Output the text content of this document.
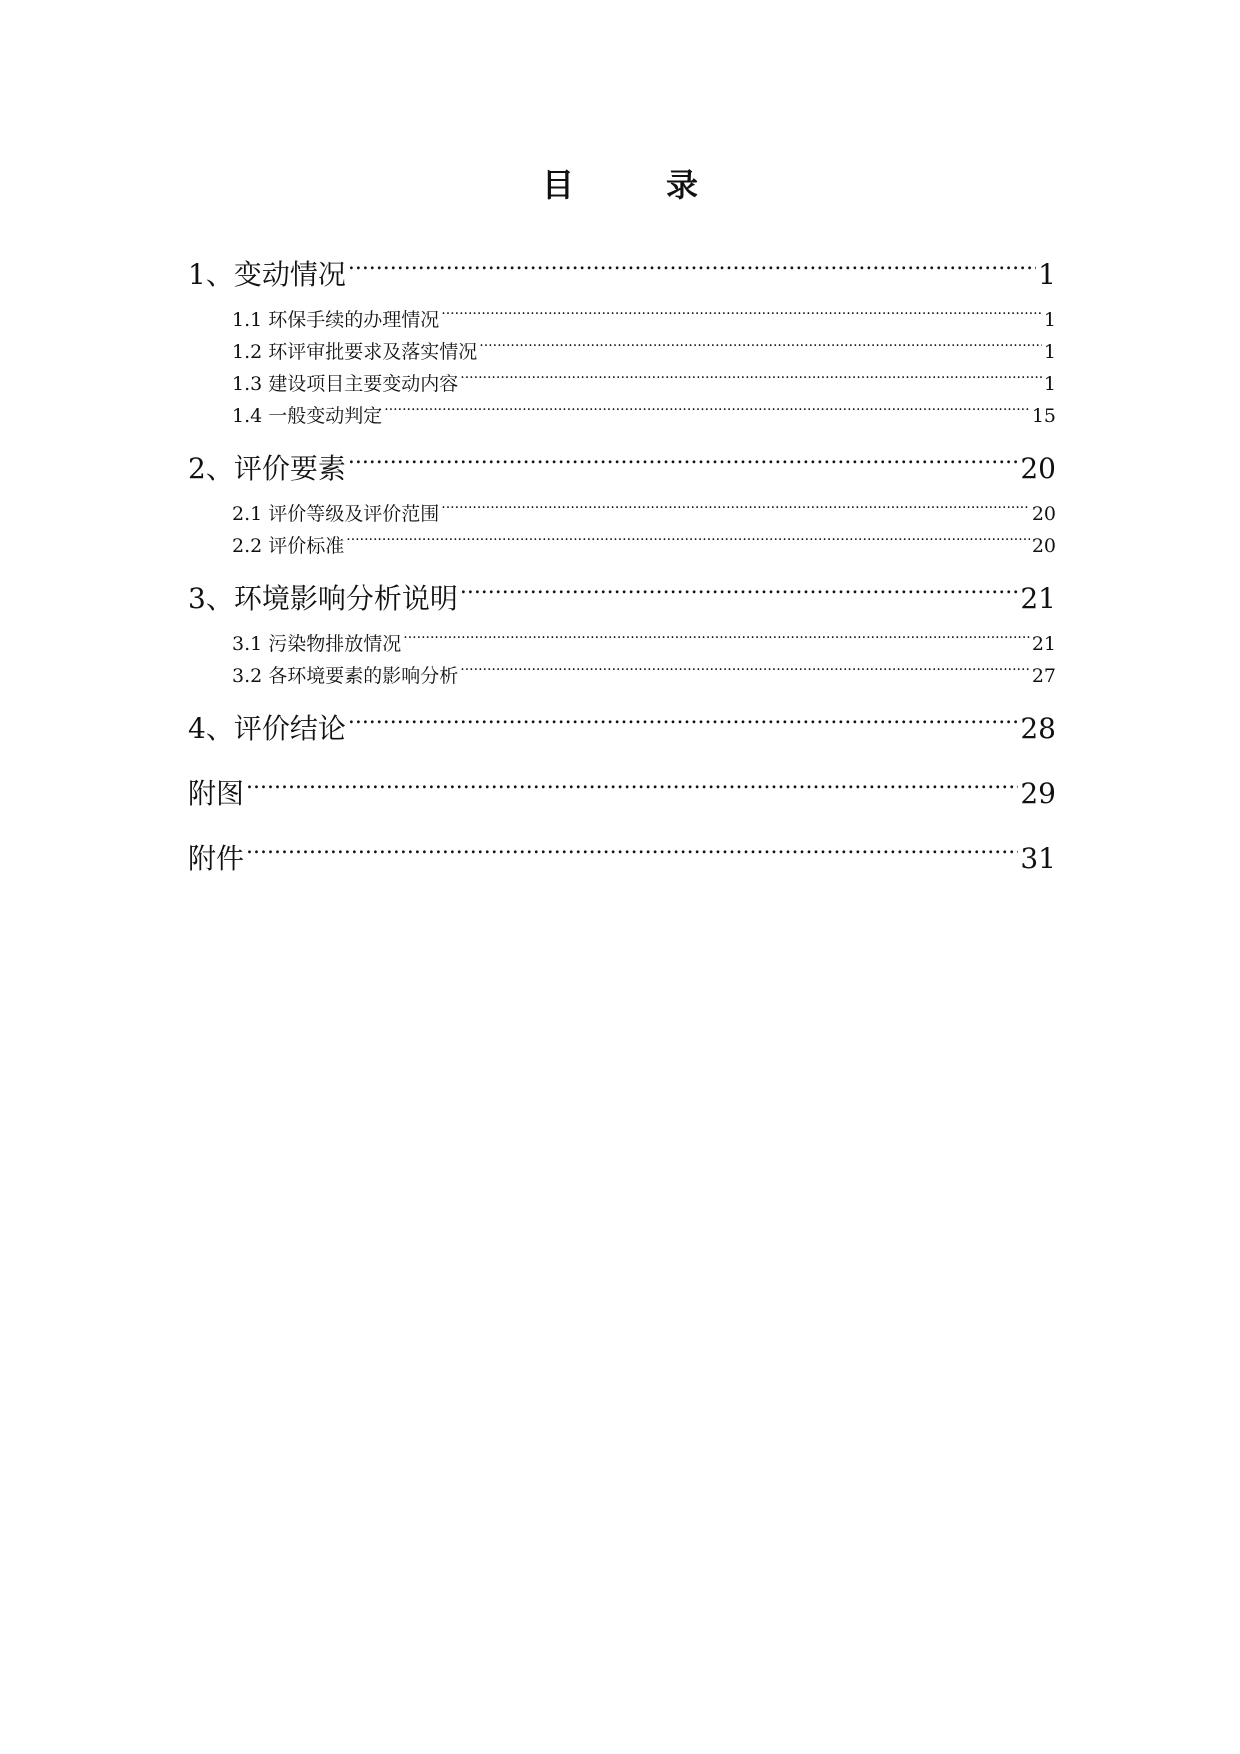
目　录
1、变动情况 .....	1
1.1 环保手续的办理情况 .....	1
1.2 环评审批要求及落实情况 .....	1
1.3 建设项目主要变动内容 .....	1
1.4 一般变动判定 .....	15
2、评价要素 .....	20
2.1 评价等级及评价范围 .....	20
2.2 评价标准 .....	20
3、环境影响分析说明 .....	21
3.1 污染物排放情况 .....	21
3.2 各环境要素的影响分析 .....	27
4、评价结论 .....	28
附图 .....	29
附件 .....	31
